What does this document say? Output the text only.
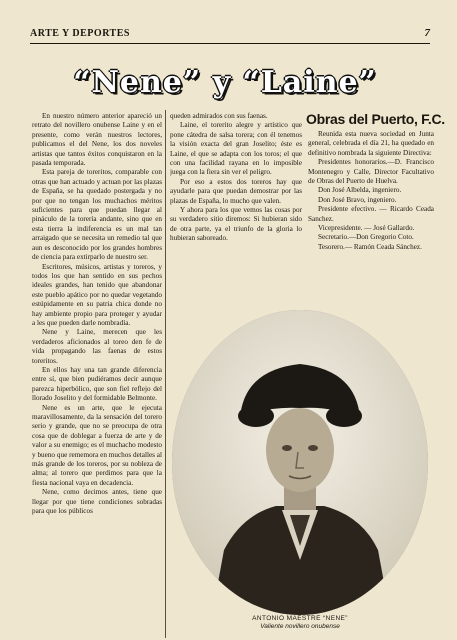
ARTE Y DEPORTES	7
“Nene” y “Laine”

En nuestro número anterior apareció un retrato del novillero onubense Laine y en el presente, como verán nuestros lectores, publicamos el del Nene, los dos noveles artistas que tantos éxitos conquistaron en la pasada temporada.

Esta pareja de toreritos, comparable con otras que han actuado y actuan por las plazas de España, se ha quedado postergada y no por que no tengan los muchachos méritos suficientes para que puedan llegar al pináculo de la torería andante, sino que en esta tierra la indiferencia es un mal tan arraigado que se necesita un remedio tal que aun es desconocido por los grandes hombres de ciencia para extirparlo de nuestro ser.

Escritores, músicos, artistas y toreros, y todos los que han sentido en sus pechos ideales grandes, han tenido que abandonar este pueblo apático por no quedar vegetando estúpidamente en su patria chica donde no hay ambiente propio para proteger y ayudar a les que pueden darle nombradía.

Nene y Laine, merecen que les verdaderos aficionados al toreo den fe de vida propagando las faenas de estos toreritos.

En ellos hay una tan grande diferencia entre sí, que bien pudiéramos decir aunque parezca hiperbólico, que son fiel reflejo del llorado Joselito y del formidable Belmonte.

Nene es un arte, que le ejecuta maravillosamente, da la sensación del torero serio y grande, que no se preocupa de otra cosa que de doblegar a fuerza de arte y de valor a su enemigo; es el muchacho modesto y bueno que rememora en muchos detalles al más grande de los toreros, por su nobleza de alma; al torero que perdimos para que la fiesta nacional vaya en decadencia.

Nene, como decimos antes, tiene que llegar por que tiene condiciones sobradas para que los públicos

queden admirados con sus faenas.

Laine, el torerito alegre y artístico que pone cátedra de salsa torera; con él tenemos la visión exacta del gran Joselito; éste es Laine, el que se adapta con los toros; el que con una facilidad rayana en lo imposible juega con la fiera sin ver el peligro.

Por eso a estos dos toreros hay que ayudarle para que puedan demostrar por las plazas de España, lo mucho que valen.

Y ahora para los que vemos las cosas por su verdadero sitio diremos: Si hubieran sido de otra parte, ya el triunfo de la gloria lo hubieran saboreado.

Obras del Puerto, F.C.

Reunida esta nueva sociedad en Junta general, celebrada el día 21, ha quedado en definitivo nombrada la siguiente Directiva:

Presidentes honorarios.—D. Francisco Montenegro y Calle, Director Facultativo de Obras del Puerto de Huelva.

Don José Albelda, ingeniero.

Don José Bravo, ingeniero.

Presidente efectivo. — Ricardo Ceada Sanchez.

Vicepresidente. — José Gallardo.

Secretario.—Don Gregorio Coto.

Tesorero.— Ramón Ceada Sánchez.

ANTONIO MAESTRE “NENE”
Valiente novillero onubense
